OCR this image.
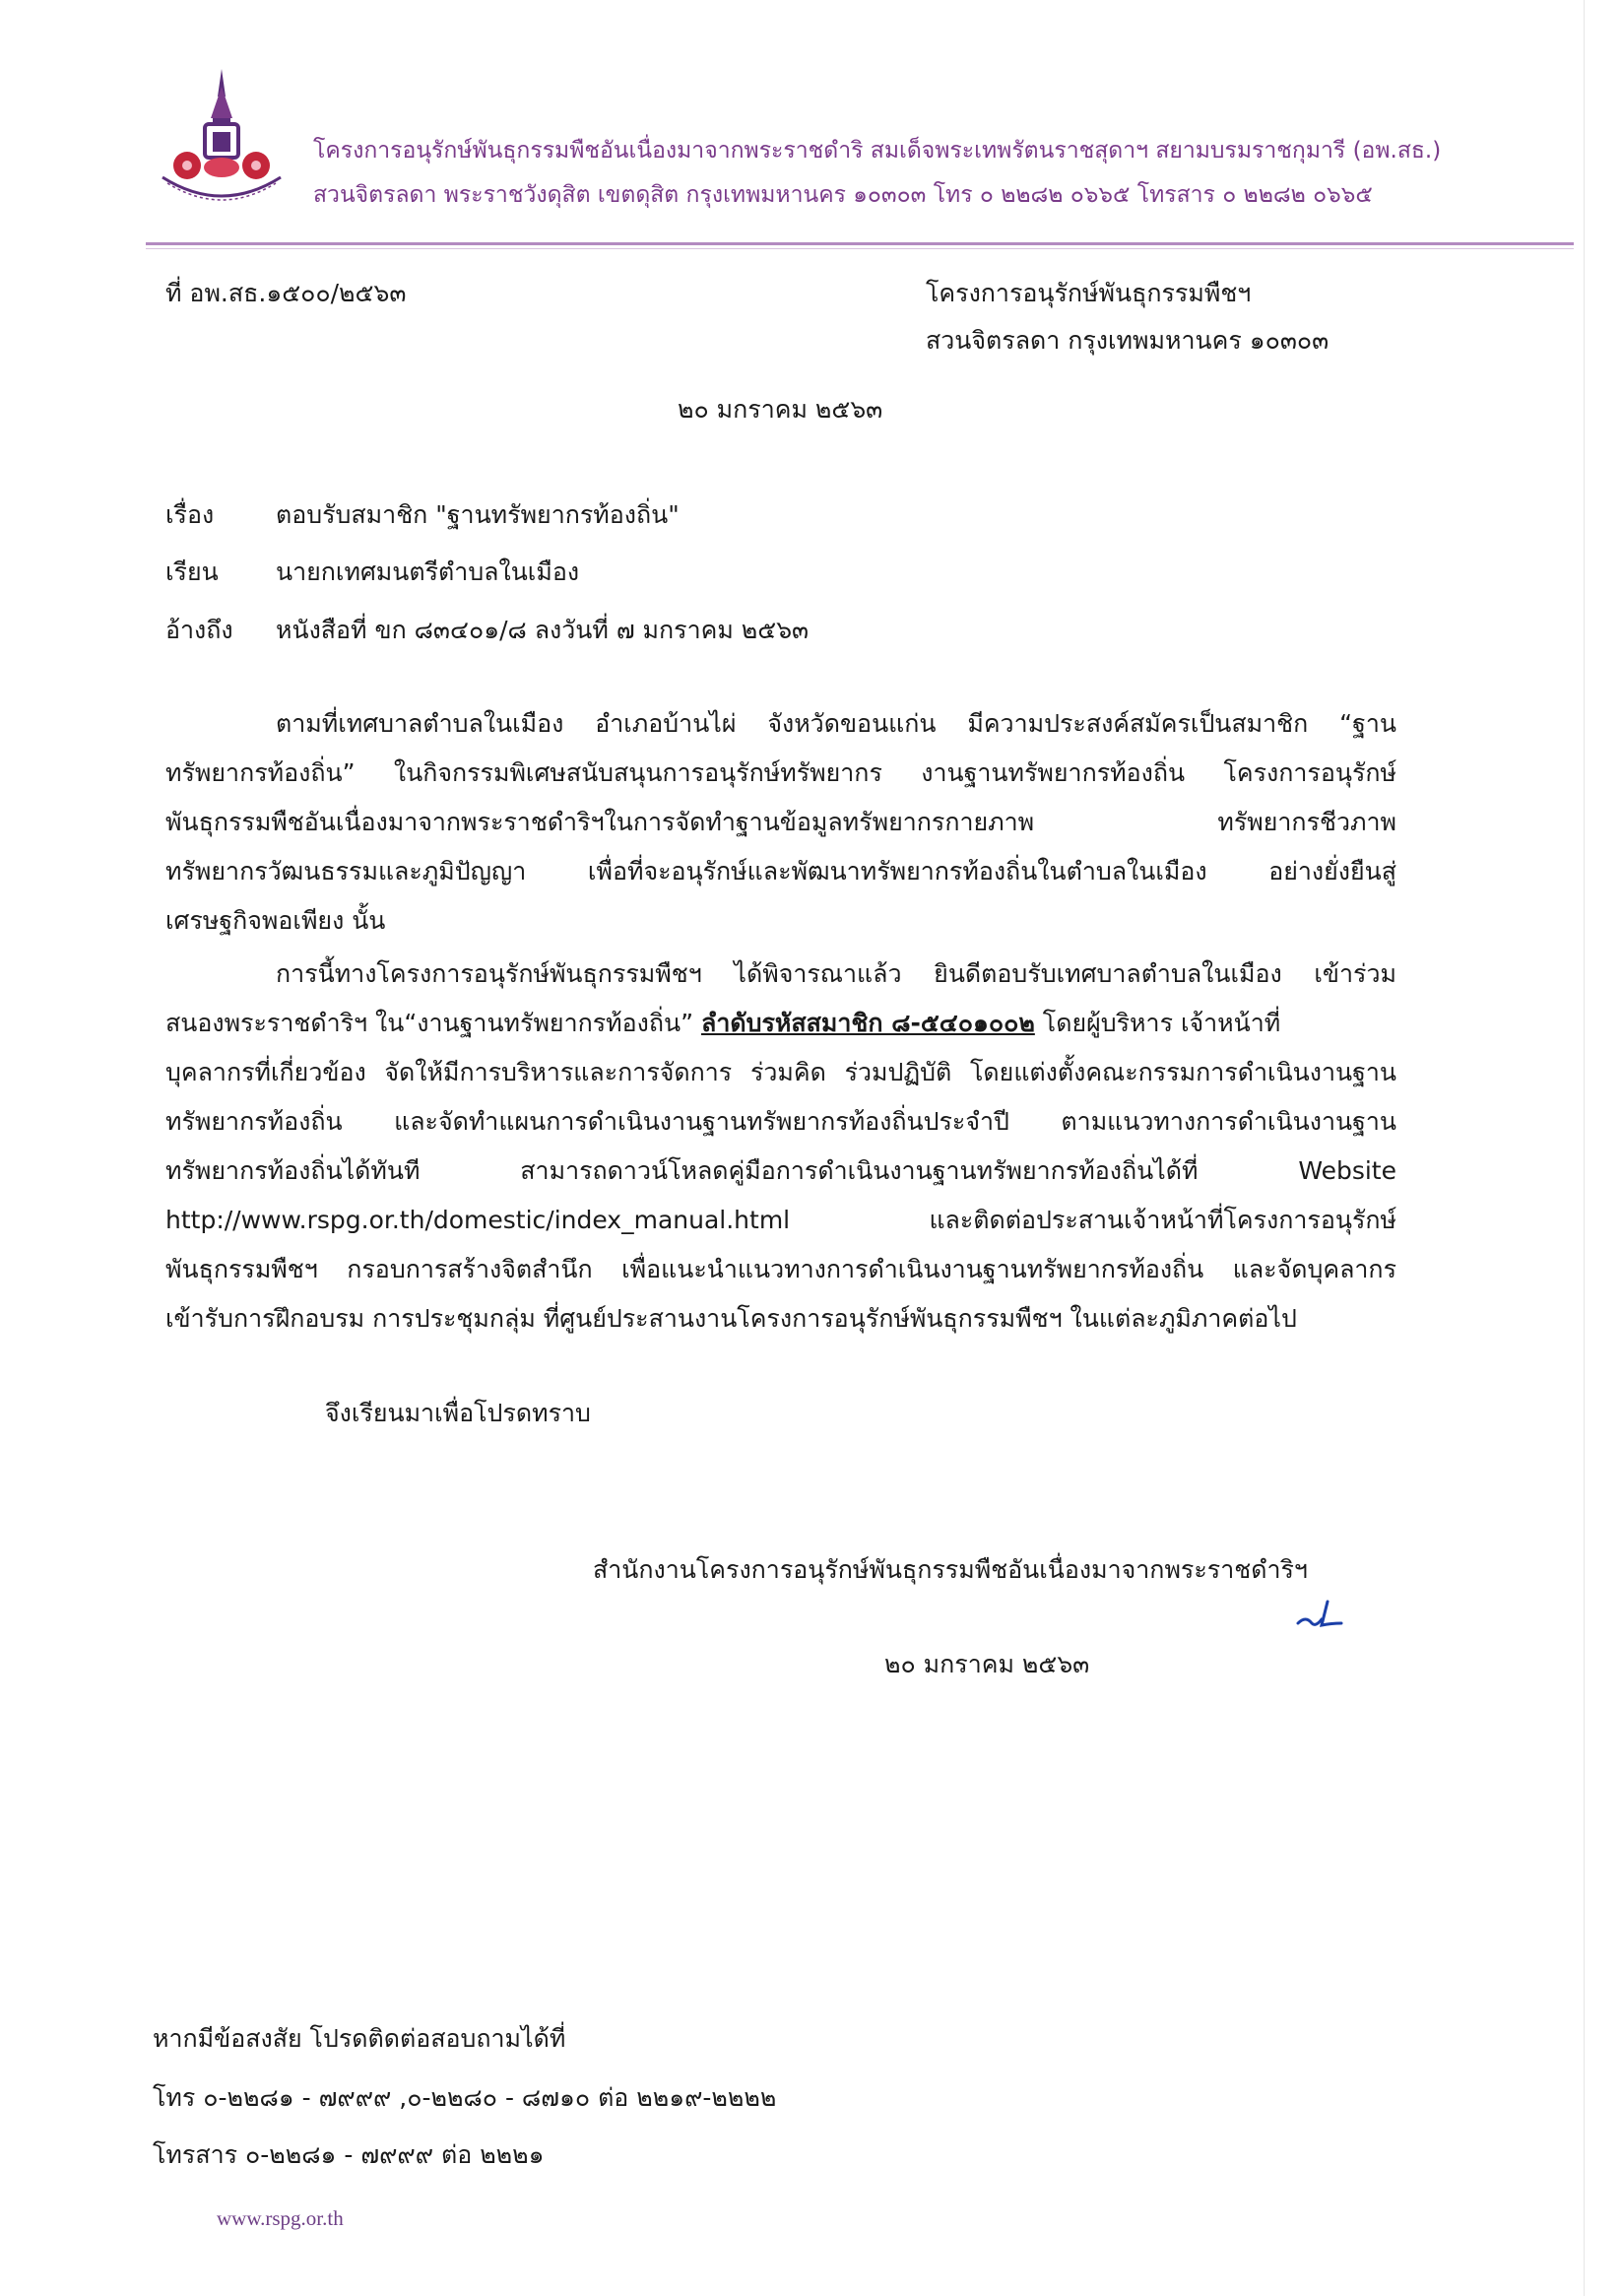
โครงการอนุรักษ์พันธุกรรมพืชอันเนื่องมาจากพระราชดำริ สมเด็จพระเทพรัตนราชสุดาฯ สยามบรมราชกุมารี (อพ.สธ.)
สวนจิตรลดา พระราชวังดุสิต เขตดุสิต กรุงเทพมหานคร ๑๐๓๐๓ โทร ๐ ๒๒๘๒ ๐๖๖๕ โทรสาร ๐ ๒๒๘๒ ๐๖๖๕
ที่ อพ.สธ.๑๕๐๐/๒๕๖๓	โครงการอนุรักษ์พันธุกรรมพืชฯ
สวนจิตรลดา กรุงเทพมหานคร ๑๐๓๐๓
๒๐ มกราคม ๒๕๖๓
เรื่อง	ตอบรับสมาชิก "ฐานทรัพยากรท้องถิ่น"
เรียน นายกเทศมนตรีตำบลในเมือง
อ้างถึง หนังสือที่ ขก ๘๓๔๐๑/๘ ลงวันที่ ๗ มกราคม ๒๕๖๓
ตามที่เทศบาลตำบลในเมือง อำเภอบ้านไผ่ จังหวัดขอนแก่น มีความประสงค์สมัครเป็นสมาชิก “ฐาน
ทรัพยากรท้องถิ่น” ในกิจกรรมพิเศษสนับสนุนการอนุรักษ์ทรัพยากร งานฐานทรัพยากรท้องถิ่น โครงการอนุรักษ์
พันธุกรรมพืชอันเนื่องมาจากพระราชดำริฯในการจัดทำฐานข้อมูลทรัพยากรกายภาพ ทรัพยากรชีวภาพ
ทรัพยากรวัฒนธรรมและภูมิปัญญา เพื่อที่จะอนุรักษ์และพัฒนาทรัพยากรท้องถิ่นในตำบลในเมือง อย่างยั่งยืนสู่
เศรษฐกิจพอเพียง นั้น
การนี้ทางโครงการอนุรักษ์พันธุกรรมพืชฯ ได้พิจารณาแล้ว ยินดีตอบรับเทศบาลตำบลในเมือง เข้าร่วม
สนองพระราชดำริฯ ใน“งานฐานทรัพยากรท้องถิ่น” ลำดับรหัสสมาชิก ๘-๕๔๐๑๐๐๒ โดยผู้บริหาร เจ้าหน้าที่
บุคลากรที่เกี่ยวข้อง จัดให้มีการบริหารและการจัดการ ร่วมคิด ร่วมปฏิบัติ โดยแต่งตั้งคณะกรรมการดำเนินงานฐาน
ทรัพยากรท้องถิ่น และจัดทำแผนการดำเนินงานฐานทรัพยากรท้องถิ่นประจำปี ตามแนวทางการดำเนินงานฐาน
ทรัพยากรท้องถิ่นได้ทันที สามารถดาวน์โหลดคู่มือการดำเนินงานฐานทรัพยากรท้องถิ่นได้ที่ Website
http://www.rspg.or.th/domestic/index_manual.html และติดต่อประสานเจ้าหน้าที่โครงการอนุรักษ์
พันธุกรรมพืชฯ กรอบการสร้างจิตสำนึก เพื่อแนะนำแนวทางการดำเนินงานฐานทรัพยากรท้องถิ่น และจัดบุคลากร
เข้ารับการฝึกอบรม การประชุมกลุ่ม ที่ศูนย์ประสานงานโครงการอนุรักษ์พันธุกรรมพืชฯ ในแต่ละภูมิภาคต่อไป
จึงเรียนมาเพื่อโปรดทราบ
สำนักงานโครงการอนุรักษ์พันธุกรรมพืชอันเนื่องมาจากพระราชดำริฯ
๒๐ มกราคม ๒๕๖๓
หากมีข้อสงสัย โปรดติดต่อสอบถามได้ที่
โทร ๐-๒๒๘๑ - ๗๙๙๙ ,๐-๒๒๘๐ - ๘๗๑๐ ต่อ ๒๒๑๙-๒๒๒๒
โทรสาร ๐-๒๒๘๑ - ๗๙๙๙ ต่อ ๒๒๒๑
www.rspg.or.th
